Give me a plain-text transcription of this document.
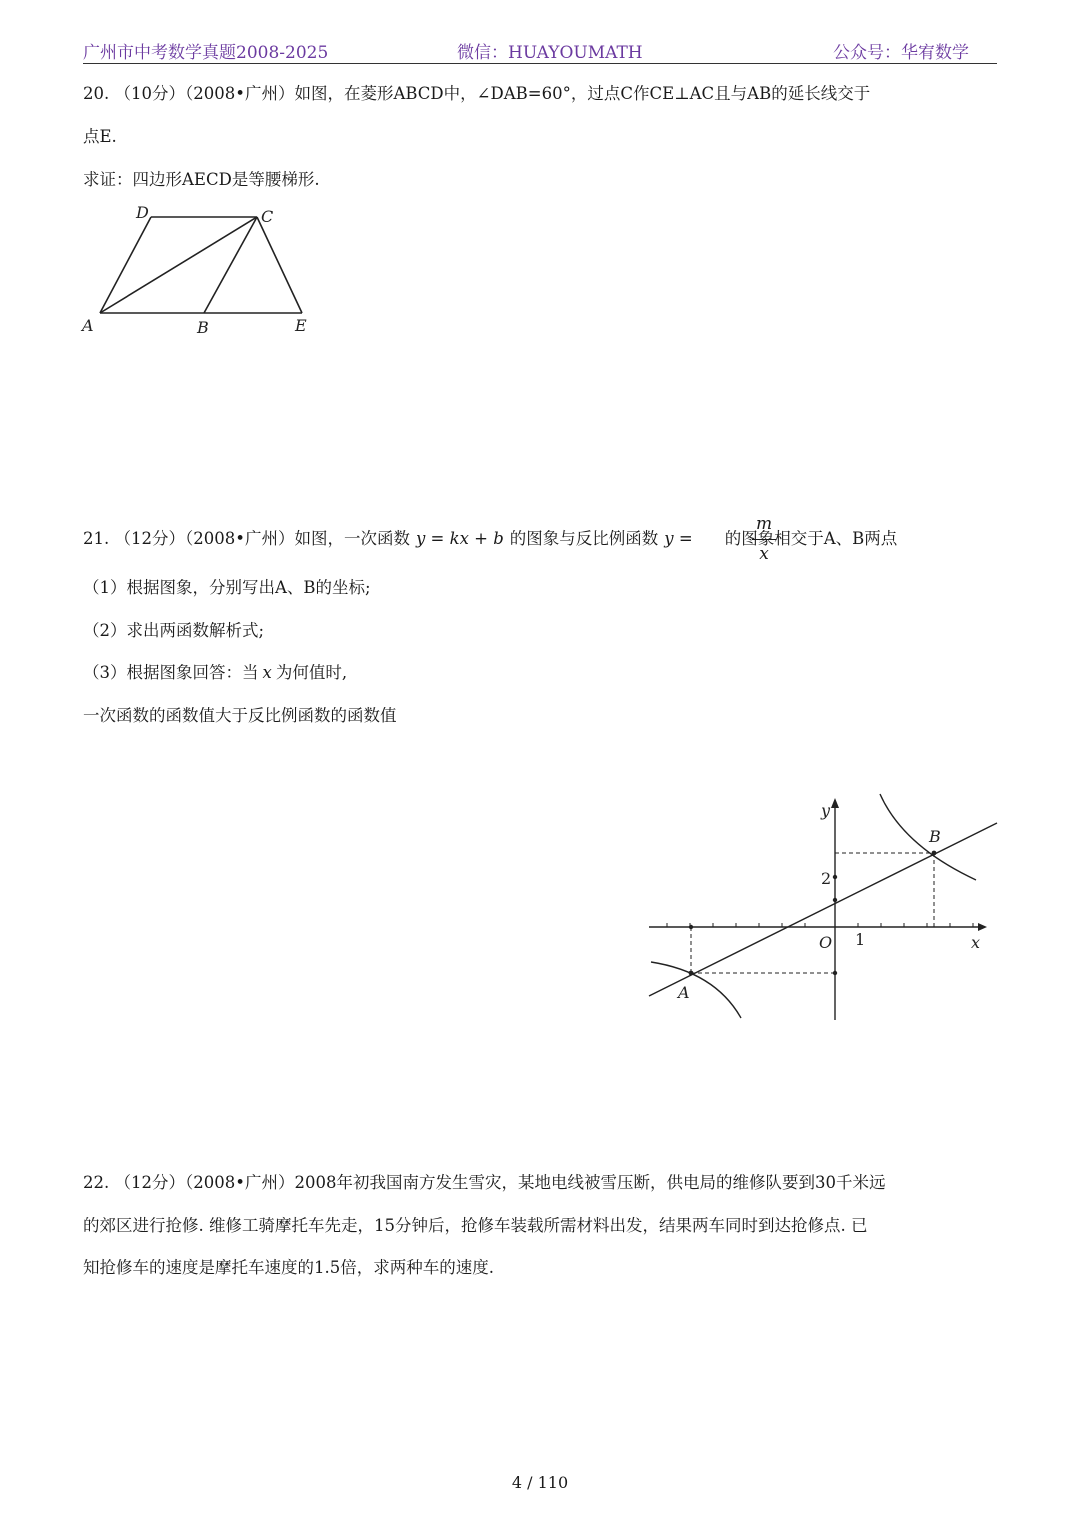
广州市中考数学真题2008-2025	微信：HUAYOUMATH	公众号：华宥数学
20. （10分）（2008•广州）如图，在菱形ABCD中，∠DAB=60°，过点C作CE⊥AC且与AB的延长线交于
点E.
求证：四边形AECD是等腰梯形.
D	C
A	B	E
21. （12分）（2008•广州）如图，一次函数 y = kx + b 的图象与反比例函数 y = 的图象相交于A、B两点
m
x
（1）根据图象，分别写出A、B的坐标;
（2）求出两函数解析式;
（3）根据图象回答：当 x 为何值时,
一次函数的函数值大于反比例函数的函数值
y
x
O 1
2
A
B
22. （12分）（2008•广州）2008年初我国南方发生雪灾，某地电线被雪压断，供电局的维修队要到30千米远
的郊区进行抢修. 维修工骑摩托车先走，15分钟后，抢修车装载所需材料出发，结果两车同时到达抢修点. 已
知抢修车的速度是摩托车速度的1.5倍，求两种车的速度.
4 / 110
